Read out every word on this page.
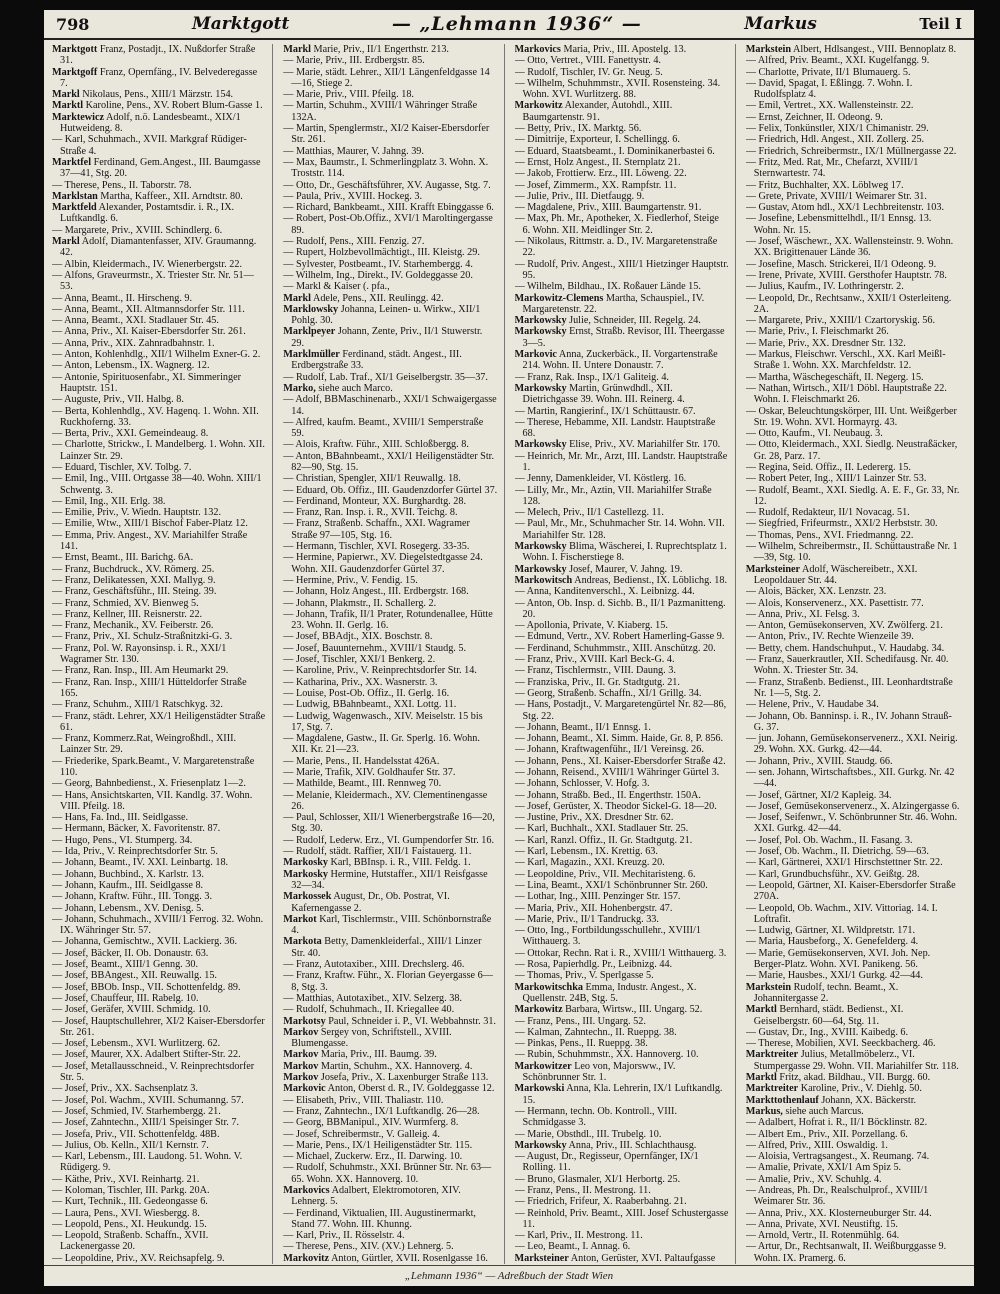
798	Marktgott	— „Lehmann 1936“ —	Markus	Teil I

Marktgott Franz, Postadjt., IX. Nußdorfer Straße 31.

Marktgoff Franz, Opernfäng., IV. Belvederegasse 7.

Markl Nikolaus, Pens., XIII/1 Märzstr. 154.

Marktl Karoline, Pens., XV. Robert Blum-Gasse 1.

Marktewicz Adolf, n.ö. Landesbeamt., XIX/1 Hutweideng. 8.

— Karl, Schuhmach., XVII. Markgraf Rüdiger-Straße 4.

Marktfel Ferdinand, Gem.Angest., III. Baumgasse 37—41, Stg. 20.

— Therese, Pens., II. Taborstr. 78.

Marklstan Martha, Kaffeer., XII. Arndtstr. 80.

Marktfeld Alexander, Postamtsdir. i. R., IX. Luftkandlg. 6.

— Margarete, Priv., XVIII. Schindlerg. 6.

Markl Adolf, Diamantenfasser, XIV. Graumanng. 42.

— Albin, Kleidermach., IV. Wienerbergstr. 22.

— Alfons, Graveurmstr., X. Triester Str. Nr. 51—53.

— Anna, Beamt., II. Hirscheng. 9.

— Anna, Beamt., XII. Altmannsdorfer Str. 111.

— Anna, Beamt., XXI. Stadlauer Str. 45.

— Anna, Priv., XI. Kaiser-Ebersdorfer Str. 261.

— Anna, Priv., XIX. Zahnradbahnstr. 1.

— Anton, Kohlenhdlg., XII/1 Wilhelm Exner-G. 2.

— Anton, Lebensm., IX. Wagnerg. 12.

— Antonie, Spirituosenfabr., XI. Simmeringer Hauptstr. 151.

— Auguste, Priv., VII. Halbg. 8.

— Berta, Kohlenhdlg., XV. Hagenq. 1. Wohn. XII. Ruckhoferng. 33.

— Berta, Priv., XXI. Gemeindeaug. 8.

— Charlotte, Strickw., I. Mandelberg. 1. Wohn. XII. Lainzer Str. 29.

— Eduard, Tischler, XV. Tolbg. 7.

— Emil, Ing., VIII. Ortgasse 38—40. Wohn. XIII/1 Schwentg. 3.

— Emil, Ing., XII. Erlg. 38.

— Emilie, Priv., V. Wiedn. Hauptstr. 132.

— Emilie, Wtw., XIII/1 Bischof Faber-Platz 12.

— Emma, Priv. Angest., XV. Mariahilfer Straße 141.

— Ernst, Beamt., III. Barichg. 6A.

— Franz, Buchdruck., XV. Römerg. 25.

— Franz, Delikatessen, XXI. Mallyg. 9.

— Franz, Geschäftsführ., III. Steing. 39.

— Franz, Schmied, XV. Bienweg 5.

— Franz, Kellner, III. Reisnerstr. 22.

— Franz, Mechanik., XV. Feiberstr. 26.

— Franz, Priv., XI. Schulz-Straßnitzki-G. 3.

— Franz, Pol. W. Rayonsinsp. i. R., XXI/1 Wagramer Str. 130.

— Franz, Ran. Insp., III. Am Heumarkt 29.

— Franz, Ran. Insp., XIII/1 Hütteldorfer Straße 165.

— Franz, Schuhm., XIII/1 Ratschkyg. 32.

— Franz, städt. Lehrer, XX/1 Heiligenstädter Straße 61.

— Franz, Kommerz.Rat, Weingroßhdl., XIII. Lainzer Str. 29.

— Friederike, Spark.Beamt., V. Margaretenstraße 110.

— Georg, Bahnbedienst., X. Friesenplatz 1—2.

— Hans, Ansichtskarten, VII. Kandlg. 37. Wohn. VIII. Pfeilg. 18.

— Hans, Fa. Ind., III. Seidlgasse.

— Hermann, Bäcker, X. Favoritenstr. 87.

— Hugo, Pens., VI. Stumperg. 34.

— Ida, Priv., V. Reinprechtsdorfer Str. 5.

— Johann, Beamt., IV. XXI. Leinbartg. 18.

— Johann, Buchbind., X. Karlstr. 13.

— Johann, Kaufm., III. Seidlgasse 8.

— Johann, Kraftw. Führ., III. Tongg. 3.

— Johann, Lebensm., XV. Denisg. 5.

— Johann, Schuhmach., XVIII/1 Ferrog. 32. Wohn. IX. Währinger Str. 57.

— Johanna, Gemischtw., XVII. Lackierg. 36.

— Josef, Bäcker, II. Ob. Donaustr. 63.

— Josef, Beamt., XIII/1 Genng. 30.

— Josef, BBAngest., XII. Reuwallg. 15.

— Josef, BBOb. Insp., VII. Schottenfeldg. 89.

— Josef, Chauffeur, III. Rabelg. 10.

— Josef, Geräfer, XVIII. Schmidg. 10.

— Josef, Hauptschullehrer, XI/2 Kaiser-Ebersdorfer Str. 261.

— Josef, Lebensm., XVI. Wurlitzerg. 62.

— Josef, Maurer, XX. Adalbert Stifter-Str. 22.

— Josef, Metallausschneid., V. Reinprechtsdorfer Str. 5.

— Josef, Priv., XX. Sachsenplatz 3.

— Josef, Pol. Wachm., XVIII. Schumanng. 57.

— Josef, Schmied, IV. Starhembergg. 21.

— Josef, Zahntechn., XIII/1 Speisinger Str. 7.

— Josefa, Priv., VII. Schottenfeldg. 48B.

— Julius, Ob. Kelln., XII/1 Kernstr. 7.

— Karl, Lebensm., III. Laudong. 51. Wohn. V. Rüdigerg. 9.

— Käthe, Priv., XVI. Reinhartg. 21.

— Koloman, Tischler, III. Parkg. 20A.

— Kurt, Technik., III. Gedeongasse 6.

— Laura, Pens., XVI. Wiesbergg. 8.

— Leopold, Pens., XI. Heukundg. 15.

— Leopold, Straßenb. Schaffn., XVII. Lackenergasse 20.

— Leopoldine, Priv., XV. Reichsapfelg. 9.

Markl Marie, Priv., II/1 Engerthstr. 213.

— Marie, Priv., III. Erdbergstr. 85.

— Marie, städt. Lehrer., XII/1 Längenfeldgasse 14—16, Stiege 2.

— Marie, Priv., VIII. Pfeilg. 18.

— Martin, Schuhm., XVIII/1 Währinger Straße 132A.

— Martin, Spenglermstr., XI/2 Kaiser-Ebersdorfer Str. 261.

— Matthias, Maurer, V. Jahng. 39.

— Max, Baumstr., I. Schmerlingplatz 3. Wohn. X. Troststr. 114.

— Otto, Dr., Geschäftsführer, XV. Augasse, Stg. 7.

— Paula, Priv., XVIII. Hockeg. 3.

— Richard, Bankbeamt., XIII. Krafft Ebinggasse 6.

— Robert, Post-Ob.Offiz., XVI/1 Maroltingergasse 89.

— Rudolf, Pens., XIII. Fenzig. 27.

— Rupert, Holzbevollmächtigt., III. Kleistg. 29.

— Sylvester, Postbeamt., IV. Starhembergg. 4.

— Wilhelm, Ing., Direkt., IV. Goldeggasse 20.

— Markl & Kaiser (. pfa.,

Markl Adele, Pens., XII. Reulingg. 42.

Marklowsky Johanna, Leinen- u. Wirkw., XII/1 Pohlg. 30.

Marklpeyer Johann, Zente, Priv., II/1 Stuwerstr. 29.

Marklmüller Ferdinand, städt. Angest., III. Erdbergstraße 33.

— Rudolf, Lab. Traf., XI/1 Geiselbergstr. 35—37.

Marko, siehe auch Marco.

— Adolf, BBMaschinenarb., XXI/1 Schwaigergasse 14.

— Alfred, kaufm. Beamt., XVIII/1 Semperstraße 59.

— Alois, Kraftw. Führ., XIII. Schloßbergg. 8.

— Anton, BBahnbeamt., XXI/1 Heiligenstädter Str. 82—90, Stg. 15.

— Christian, Spengler, XII/1 Reuwallg. 18.

— Eduard, Ob. Offiz., III. Gaudenzdorfer Gürtel 37.

— Ferdinand, Monteur, XX. Burghardtg. 28.

— Franz, Ran. Insp. i. R., XVII. Teichg. 8.

— Franz, Straßenb. Schaffn., XXI. Wagramer Straße 97—105, Stg. 16.

— Hermann, Tischler, XVI. Rosegerg. 33-35.

— Hermine, Papierwr., XV. Diegelstedtgasse 24. Wohn. XII. Gaudenzdorfer Gürtel 37.

— Hermine, Priv., V. Fendig. 15.

— Johann, Holz Angest., III. Erdbergstr. 168.

— Johann, Plakmstr., II. Schallerg. 2.

— Johann, Trafik, II/1 Prater, Rotundenallee, Hütte 23. Wohn. II. Gerlg. 16.

— Josef, BBAdjt., XIX. Boschstr. 8.

— Josef, Bauunternehm., XVIII/1 Staudg. 5.

— Josef, Tischler, XXI/1 Benkerg. 2.

— Karoline, Priv., V. Reinprechtsdorfer Str. 14.

— Katharina, Priv., XX. Wasnerstr. 3.

— Louise, Post-Ob. Offiz., II. Gerlg. 16.

— Ludwig, BBahnbeamt., XXI. Lottg. 11.

— Ludwig, Wagenwasch., XIV. Meiselstr. 15 bis 17, Stg. 7.

— Magdalene, Gastw., II. Gr. Sperlg. 16. Wohn. XII. Kr. 21—23.

— Marie, Pens., II. Handelsstat 426A.

— Marie, Trafik, XIV. Goldhaufer Str. 37.

— Mathilde, Beamt., III. Rennweg 70.

— Melanie, Kleidermach., XV. Clementinengasse 26.

— Paul, Schlosser, XII/1 Wienerbergstraße 16—20, Stg. 30.

— Rudolf, Lederw. Erz., VI. Gumpendorfer Str. 16.

— Rudolf, städt. Raffier, XII/1 Faistauerg. 11.

Markosky Karl, BBInsp. i. R., VIII. Feldg. 1.

Markosky Hermine, Hutstaffer., XII/1 Reisfgasse 32—34.

Markossek August, Dr., Ob. Postrat, VI. Kafernengasse 2.

Markot Karl, Tischlermstr., VIII. Schönbornstraße 4.

Markota Betty, Damenkleiderfal., XIII/1 Linzer Str. 40.

— Franz, Autotaxiber., XIII. Drechslerg. 46.

— Franz, Kraftw. Führ., X. Florian Geyergasse 6—8, Stg. 3.

— Matthias, Autotaxibet., XIV. Selzerg. 38.

— Rudolf, Schuhmach., II. Kriegallee 40.

Markotsy Paul, Schneider i. P., VI. Webbahnstr. 31.

Markov Sergey von, Schriftstell., XVIII. Blumengasse.

Markov Maria, Priv., III. Baumg. 39.

Markov Martin, Schuhm., XX. Hannoverg. 4.

Markov Josefa, Priv., X. Laxenburger Straße 113.

Markovic Anton, Oberst d. R., IV. Goldeggasse 12.

— Elisabeth, Priv., VIII. Thaliastr. 110.

— Franz, Zahntechn., IX/1 Luftkandlg. 26—28.

— Georg, BBManipul., XIV. Wurmferg. 8.

— Josef, Schreibermstr., V. Galleig. 4.

— Marie, Pens., IX/1 Heiligenstädter Str. 115.

— Michael, Zuckerw. Erz., II. Darwing. 10.

— Rudolf, Schuhmstr., XXI. Brünner Str. Nr. 63—65. Wohn. XX. Hannoverg. 10.

Markovics Adalbert, Elektromotoren, XIV. Lehnerg. 5.

— Ferdinand, Viktualien, III. Augustinermarkt, Stand 77. Wohn. III. Khunng.

— Karl, Priv., II. Rösselstr. 4.

— Therese, Pens., XIV. (XV.) Lehnerg. 5.

Markovitz Anton, Gürtler, XVII. Rosenlgasse 16.

Markovics Maria, Priv., III. Apostelg. 13.

— Otto, Vertret., VIII. Fanettystr. 4.

— Rudolf, Tischler, IV. Gr. Neug. 5.

— Wilhelm, Schuhmmstr., XVII. Rosensteing. 34. Wohn. XVI. Wurlitzerg. 88.

Markowitz Alexander, Autohdl., XIII. Baumgartenstr. 91.

— Betty, Priv., IX. Marktg. 56.

— Dimitrije, Exporteur, I. Schellingg. 6.

— Eduard, Staatsbeamt., I. Dominikanerbastei 6.

— Ernst, Holz Angest., II. Sternplatz 21.

— Jakob, Frottierw. Erz., III. Löweng. 22.

— Josef, Zimmerm., XX. Rampfstr. 11.

— Julie, Priv., III. Dietfaugg. 9.

— Magdalene, Priv., XIII. Baumgartenstr. 91.

— Max, Ph. Mr., Apotheker, X. Fiedlerhof, Steige 6. Wohn. XII. Meidlinger Str. 2.

— Nikolaus, Rittmstr. a. D., IV. Margaretenstraße 22.

— Rudolf, Priv. Angest., XIII/1 Hietzinger Hauptstr. 95.

— Wilhelm, Bildhau., IX. Roßauer Lände 15.

Markowitz-Clemens Martha, Schauspiel., IV. Margaretenstr. 22.

Markowsky Julie, Schneider, III. Regelg. 24.

Markowsky Ernst, Straßb. Revisor, III. Theergasse 3—5.

Markovic Anna, Zuckerbäck., II. Vorgartenstraße 214. Wohn. II. Untere Donaustr. 7.

— Franz, Rak. Insp., IX/1 Galiteig. 4.

Markowsky Martin, Grünwdhdl., XII. Dietrichgasse 39. Wohn. III. Reinerg. 4.

— Martin, Rangierinf., IX/1 Schüttaustr. 67.

— Therese, Hebamme, XII. Landstr. Hauptstraße 68.

Markowsky Elise, Priv., XV. Mariahilfer Str. 170.

— Heinrich, Mr. Mr., Arzt, III. Landstr. Hauptstraße 1.

— Jenny, Damenkleider, VI. Köstlerg. 16.

— Lilly, Mr., Mr., Aztin, VII. Mariahilfer Straße 128.

— Melech, Priv., II/1 Castellezg. 11.

— Paul, Mr., Mr., Schuhmacher Str. 14. Wohn. VII. Mariahilfer Str. 128.

Markowsky Blima, Wäscherei, I. Ruprechtsplatz 1. Wohn. I. Fischerstiege 8.

Markowsky Josef, Maurer, V. Jahng. 19.

Markowitsch Andreas, Bedienst., IX. Löblichg. 18.

— Anna, Kanditenverschl., X. Leibnizg. 44.

— Anton, Ob. Insp. d. Sichb. B., II/1 Pazmanitteng. 20.

— Apollonia, Private, V. Kiaberg. 15.

— Edmund, Vertr., XV. Robert Hamerling-Gasse 9.

— Ferdinand, Schuhmmstr., XIII. Anschützg. 20.

— Franz, Priv., XVIII. Karl Beck-G. 4.

— Franz, Tischlermstr., VIII. Daung. 3.

— Franziska, Priv., II. Gr. Stadtgutg. 21.

— Georg, Straßenb. Schaffn., XI/1 Grillg. 34.

— Hans, Postadjt., V. Margaretengürtel Nr. 82—86, Stg. 22.

— Johann, Beamt., II/1 Ennsg. 1.

— Johann, Beamt., XI. Simm. Haide, Gr. 8, P. 856.

— Johann, Kraftwagenführ., II/1 Vereinsg. 26.

— Johann, Pens., XI. Kaiser-Ebersdorfer Straße 42.

— Johann, Reisend., XVIII/1 Währinger Gürtel 3.

— Johann, Schlosser, V. Hofg. 3.

— Johann, Straßb. Bed., II. Engerthstr. 150A.

— Josef, Gerüster, X. Theodor Sickel-G. 18—20.

— Justine, Priv., XX. Dresdner Str. 62.

— Karl, Buchhalt., XXI. Stadlauer Str. 25.

— Karl, Ranzl. Offiz., II. Gr. Stadtgutg. 21.

— Karl, Lebensm., IX. Krettig. 63.

— Karl, Magazin., XXI. Kreuzg. 20.

— Leopoldine, Priv., VII. Mechitaristeng. 6.

— Lina, Beamt., XXI/1 Schönbrunner Str. 260.

— Lothar, Ing., XIII. Penzinger Str. 157.

— Maria, Priv., XII. Hohenbergstr. 47.

— Marie, Priv., II/1 Tandruckg. 33.

— Otto, Ing., Fortbildungsschullehr., XVIII/1 Witthauerg. 3.

— Ottokar, Rechn. Rat i. R., XVIII/1 Witthauerg. 3.

— Rosa, Papierhdlg. Pr., Leibnizg. 44.

— Thomas, Priv., V. Sperlgasse 5.

Markowitschka Emma, Industr. Angest., X. Quellenstr. 24B, Stg. 5.

Markowitz Barbara, Wirtsw., III. Ungarg. 52.

— Franz, Pens., III. Ungarg. 52.

— Kalman, Zahntechn., II. Rueppg. 38.

— Pinkas, Pens., II. Rueppg. 38.

— Rubin, Schuhmmstr., XX. Hannoverg. 10.

Markowitzer Leo von, Majorsww., IV. Schönbrunner Str. 1.

Markowski Anna, Kla. Lehrerin, IX/1 Luftkandlg. 15.

— Hermann, techn. Ob. Kontroll., VIII. Schmidgasse 3.

— Marie, Obsthdl., III. Trubelg. 10.

Markowsky Anna, Priv., III. Schlachthausg.

— August, Dr., Regisseur, Opernfänger, IX/1 Rolling. 11.

— Bruno, Glasmaler, XI/1 Herbortg. 25.

— Franz, Pens., II. Mestrong. 11.

— Friedrich, Frifeur, X. Raaberbahng. 21.

— Reinhold, Priv. Beamt., XIII. Josef Schustergasse 11.

— Karl, Priv., II. Mestrong. 11.

— Leo, Beamt., I. Annag. 6.

Marksteiner Anton, Gerüster, XVI. Paltaufgasse

Markstein Albert, Hdlsangest., VIII. Bennoplatz 8.

— Alfred, Priv. Beamt., XXI. Kugelfangg. 9.

— Charlotte, Private, II/1 Blumauerg. 5.

— David, Spagat, I. Eßlingg. 7. Wohn. I. Rudolfsplatz 4.

— Emil, Vertret., XX. Wallensteinstr. 22.

— Ernst, Zeichner, II. Odeong. 9.

— Felix, Tonkünstler, XIX/1 Chimanistr. 29.

— Friedrich, Hdl. Angest., XII. Zollerg. 25.

— Friedrich, Schreibermstr., IX/1 Müllnergasse 22.

— Fritz, Med. Rat, Mr., Chefarzt, XVIII/1 Sternwartestr. 74.

— Fritz, Buchhalter, XX. Löblweg 17.

— Grete, Private, XVIII/1 Weimarer Str. 31.

— Gustav, Atom hdl., XX/1 Lechbreitenstr. 103.

— Josefine, Lebensmittelhdl., II/1 Ennsg. 13. Wohn. Nr. 15.

— Josef, Wäschewr., XX. Wallensteinstr. 9. Wohn. XX. Brigittenauer Lände 36.

— Josefine, Masch. Strickerei, II/1 Odeong. 9.

— Irene, Private, XVIII. Gersthofer Hauptstr. 78.

— Julius, Kaufm., IV. Lothringerstr. 2.

— Leopold, Dr., Rechtsanw., XXII/1 Osterleiteng. 2A.

— Margarete, Priv., XXIII/1 Czartoryskig. 56.

— Marie, Priv., I. Fleischmarkt 26.

— Marie, Priv., XX. Dresdner Str. 132.

— Markus, Fleischwr. Verschl., XX. Karl Meißl-Straße 1. Wohn. XX. Marchfeldstr. 12.

— Martha, Wäschegeschäft, II. Negerg. 15.

— Nathan, Wirtsch., XII/1 Döbl. Hauptstraße 22. Wohn. I. Fleischmarkt 26.

— Oskar, Beleuchtungskörper, III. Unt. Weißgerber Str. 19. Wohn. XVI. Hormayrg. 43.

— Otto, Kaufm., VI. Neubaug. 3.

— Otto, Kleidermach., XXI. Siedlg. Neustraßäcker, Gr. 28, Parz. 17.

— Regina, Seid. Offiz., II. Ledererg. 15.

— Robert Peter, Ing., XIII/1 Lainzer Str. 53.

— Rudolf, Beamt., XXI. Siedlg. A. E. F., Gr. 33, Nr. 12.

— Rudolf, Redakteur, II/1 Novacag. 51.

— Siegfried, Frifeurmstr., XXI/2 Herbststr. 30.

— Thomas, Pens., XVI. Friedmanng. 22.

— Wilhelm, Schreibermstr., II. Schüttaustraße Nr. 1—39, Stg. 10.

Marksteiner Adolf, Wäschereibetr., XXI. Leopoldauer Str. 44.

— Alois, Bäcker, XX. Lenzstr. 23.

— Alois, Konservenerz., XX. Pasettistr. 77.

— Anna, Priv., XI. Felsg. 3.

— Anton, Gemüsekonserven, XV. Zwölferg. 21.

— Anton, Priv., IV. Rechte Wienzeile 39.

— Betty, chem. Handschuhput., V. Haudabg. 34.

— Franz, Sauerkrautler, XII. Schedifausg. Nr. 40. Wohn. X. Triester Str. 34.

— Franz, Straßenb. Bedienst., III. Leonhardtstraße Nr. 1—5, Stg. 2.

— Helene, Priv., V. Haudabe 34.

— Johann, Ob. Banninsp. i. R., IV. Johann Strauß-G. 37.

— jun. Johann, Gemüsekonservenerz., XXI. Neirig. 29. Wohn. XX. Gurkg. 42—44.

— Johann, Priv., XVIII. Staudg. 66.

— sen. Johann, Wirtschaftsbes., XII. Gurkg. Nr. 42—44.

— Josef, Gärtner, XI/2 Kapleig. 34.

— Josef, Gemüsekonservenerz., X. Alzingergasse 6.

— Josef, Seifenwr., V. Schönbrunner Str. 46. Wohn. XXI. Gurkg. 42—44.

— Josef, Pol. Ob. Wachm., II. Fasang. 3.

— Josef, Ob. Wachm., II. Dietrichg. 59—63.

— Karl, Gärtnerei, XXI/1 Hirschstettner Str. 22.

— Karl, Grundbuchsführ., XV. Geißtg. 28.

— Leopold, Gärtner, XI. Kaiser-Ebersdorfer Straße 270A.

— Leopold, Ob. Wachm., XIV. Vittoriag. 14. I. Loftrafit.

— Ludwig, Gärtner, XI. Wildpretstr. 171.

— Maria, Hausbeforg., X. Genefelderg. 4.

— Marie, Gemüsekonserven, XVI. Joh. Nep. Berger-Platz. Wohn. XVI. Panikeng. 56.

— Marie, Hausbes., XXI/1 Gurkg. 42—44.

Markstein Rudolf, techn. Beamt., X. Johannitergasse 2.

Marktl Bernhard, städt. Bedienst., XI. Geiselbergstr. 60—64, Stg. 11.

— Gustav, Dr., Ing., XVIII. Kaibedg. 6.

— Therese, Mobilien, XVI. Seeckbacherg. 46.

Marktreiter Julius, Metallmöbelerz., VI. Stumpergasse 29. Wohn. VII. Mariahilfer Str. 118.

Marktl Fritz, akad. Bildhau., VII. Burgg. 60.

Marktreiter Karoline, Priv., V. Diehlg. 50.

Markttothenlauf Johann, XX. Bäckerstr.

Markus, siehe auch Marcus.

— Adalbert, Hofrat i. R., II/1 Böcklinstr. 82.

— Albert Em., Priv., XII. Porzellang. 6.

— Alfred, Priv., XIII. Oswaldig. 1.

— Aloisia, Vertragsangest., X. Reumang. 74.

— Amalie, Private, XXI/1 Am Spiz 5.

— Amalie, Priv., XV. Schuhlg. 4.

— Andreas, Ph. Dr., Realschulprof., XVIII/1 Weimarer Str. 36.

— Anna, Priv., XX. Klosterneuburger Str. 44.

— Anna, Private, XVI. Neustiftg. 15.

— Arnold, Vertr., II. Rotenmühlg. 64.

— Artur, Dr., Rechtsanwalt, II. Weißburggasse 9. Wohn. IX. Pramerg. 6.

„Lehmann 1936“ — Adreßbuch der Stadt Wien
